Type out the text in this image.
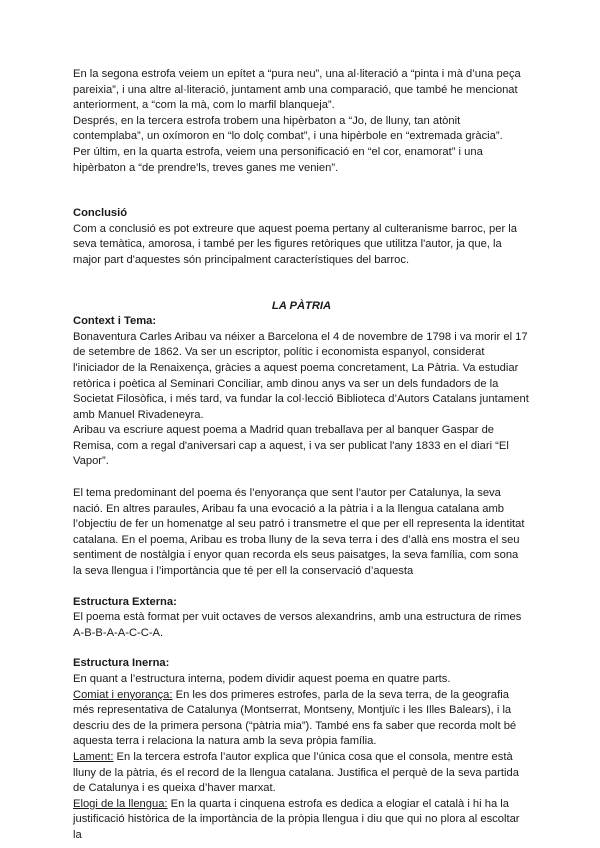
En la segona estrofa veiem un epítet a “pura neu”, una al·literació a “pinta i mà d’una peça pareixia”, i una altre al·literació, juntament amb una comparació, que també he mencionat anteriorment, a “com la mà, com lo marfil blanqueja”.

Després, en la tercera estrofa trobem una hipèrbaton a “Jo, de lluny, tan atònit contemplaba”, un oxímoron en “lo dolç combat”, i una hipèrbole en “extremada gràcia”.

Per últim, en la quarta estrofa, veiem una personificació en “el cor, enamorat” i una hipèrbaton a “de prendre'ls, treves ganes me venien”.

Conclusió

Com a conclusió es pot extreure que aquest poema pertany al culteranisme barroc, per la seva temàtica, amorosa, i també per les figures retòriques que utilitza l'autor, ja que, la major part d'aquestes són principalment característiques del barroc.

LA PÀTRIA

Context i Tema:

Bonaventura Carles Aribau va néixer a Barcelona el 4 de novembre de 1798 i va morir el 17 de setembre de 1862. Va ser un escriptor, polític i economista espanyol, considerat l'iniciador de la Renaixença, gràcies a aquest poema concretament, La Pàtria. Va estudiar retòrica i poètica al Seminari Conciliar, amb dinou anys va ser un dels fundadors de la Societat Filosòfica, i més tard, va fundar la col·lecció Biblioteca d’Autors Catalans juntament amb Manuel Rivadeneyra.

Aribau va escriure aquest poema a Madrid quan treballava per al banquer Gaspar de Remisa, com a regal d'aniversari cap a aquest, i va ser publicat l'any 1833 en el diari “El Vapor”.

El tema predominant del poema és l’enyorança que sent l’autor per Catalunya, la seva nació. En altres paraules, Aribau fa una evocació a la pàtria i a la llengua catalana amb l’objectiu de fer un homenatge al seu patró i transmetre el que per ell representa la identitat catalana. En el poema, Aribau es troba lluny de la seva terra i des d’allà ens mostra el seu sentiment de nostàlgia i enyor quan recorda els seus paisatges, la seva família, com sona la seva llengua i l’importància que té per ell la conservació d’aquesta

Estructura Externa:

El poema està format per vuit octaves de versos alexandrins, amb una estructura de rimes A-B-B-A-A-C-C-A.

Estructura Inerna:

En quant a l’estructura interna, podem dividir aquest poema en quatre parts.

Comiat i enyorança: En les dos primeres estrofes, parla de la seva terra, de la geografia més representativa de Catalunya (Montserrat, Montseny, Montjuïc i les Illes Balears), i la descriu des de la primera persona (“pàtria mia”). També ens fa saber que recorda molt bé aquesta terra i relaciona la natura amb la seva pròpia família.

Lament: En la tercera estrofa l’autor explica que l’única cosa que el consola, mentre està lluny de la pàtria, és el record de la llengua catalana. Justifica el perquè de la seva partida de Catalunya i es queixa d’haver marxat.

Elogi de la llengua: En la quarta i cinquena estrofa es dedica a elogiar el català i hi ha la justificació històrica de la importància de la pròpia llengua i diu que qui no plora al escoltar la
